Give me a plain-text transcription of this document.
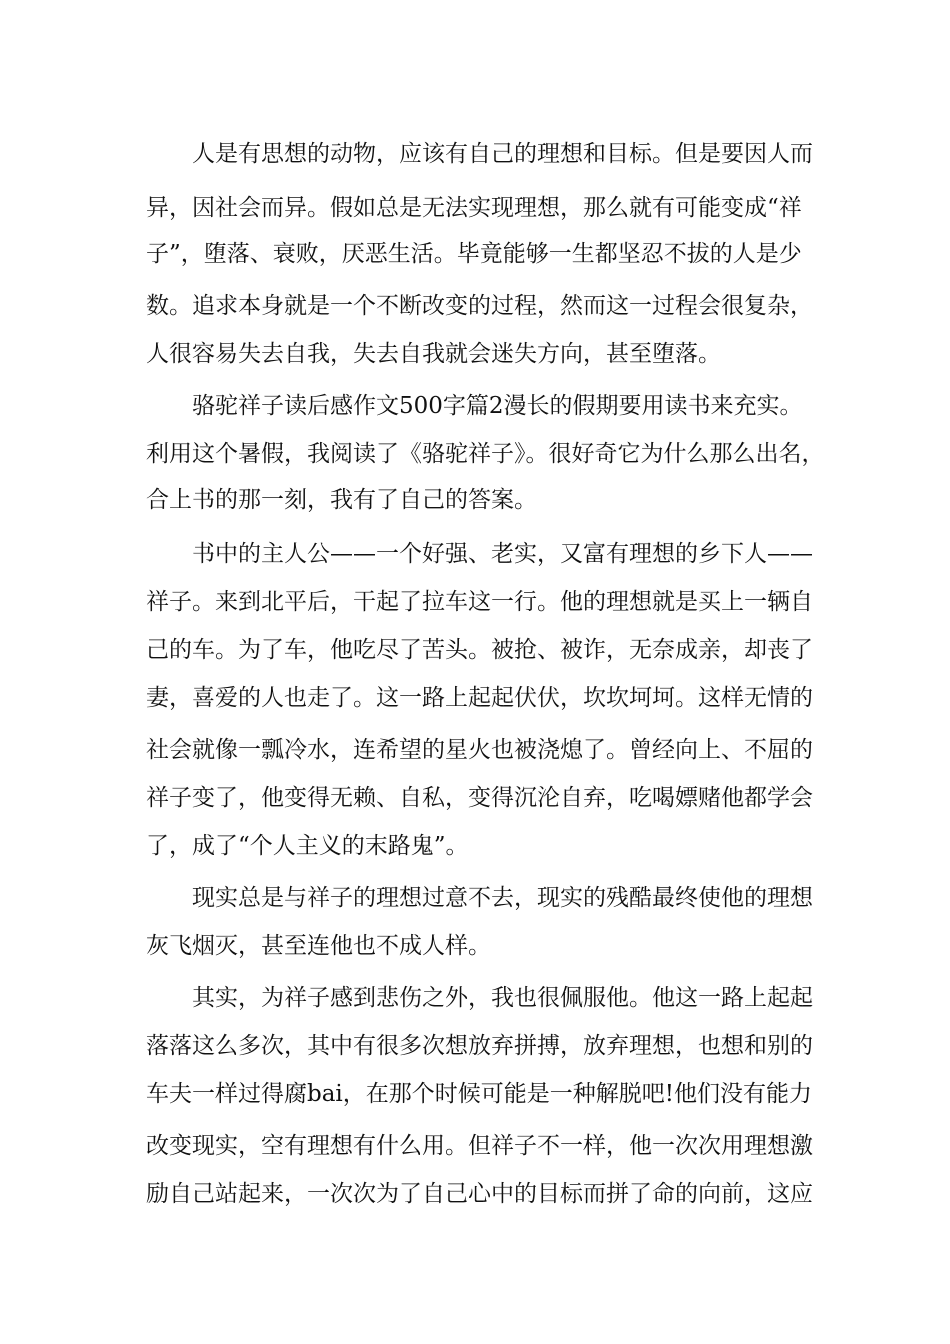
人是有思想的动物，应该有自己的理想和目标。但是要因人而
异，因社会而异。假如总是无法实现理想，那么就有可能变成“祥
子”，堕落、衰败，厌恶生活。毕竟能够一生都坚忍不拔的人是少
数。追求本身就是一个不断改变的过程，然而这一过程会很复杂，
人很容易失去自我，失去自我就会迷失方向，甚至堕落。
骆驼祥子读后感作文500字篇2漫长的假期要用读书来充实。
利用这个暑假，我阅读了《骆驼祥子》。很好奇它为什么那么出名，
合上书的那一刻，我有了自己的答案。
书中的主人公——一个好强、老实，又富有理想的乡下人——
祥子。来到北平后，干起了拉车这一行。他的理想就是买上一辆自
己的车。为了车，他吃尽了苦头。被抢、被诈，无奈成亲，却丧了
妻，喜爱的人也走了。这一路上起起伏伏，坎坎坷坷。这样无情的
社会就像一瓢冷水，连希望的星火也被浇熄了。曾经向上、不屈的
祥子变了，他变得无赖、自私，变得沉沦自弃，吃喝嫖赌他都学会
了，成了“个人主义的末路鬼”。
现实总是与祥子的理想过意不去，现实的残酷最终使他的理想
灰飞烟灭，甚至连他也不成人样。
其实，为祥子感到悲伤之外，我也很佩服他。他这一路上起起
落落这么多次，其中有很多次想放弃拼搏，放弃理想，也想和别的
车夫一样过得腐bai，在那个时候可能是一种解脱吧!他们没有能力
改变现实，空有理想有什么用。但祥子不一样，他一次次用理想激
励自己站起来，一次次为了自己心中的目标而拼了命的向前，这应
